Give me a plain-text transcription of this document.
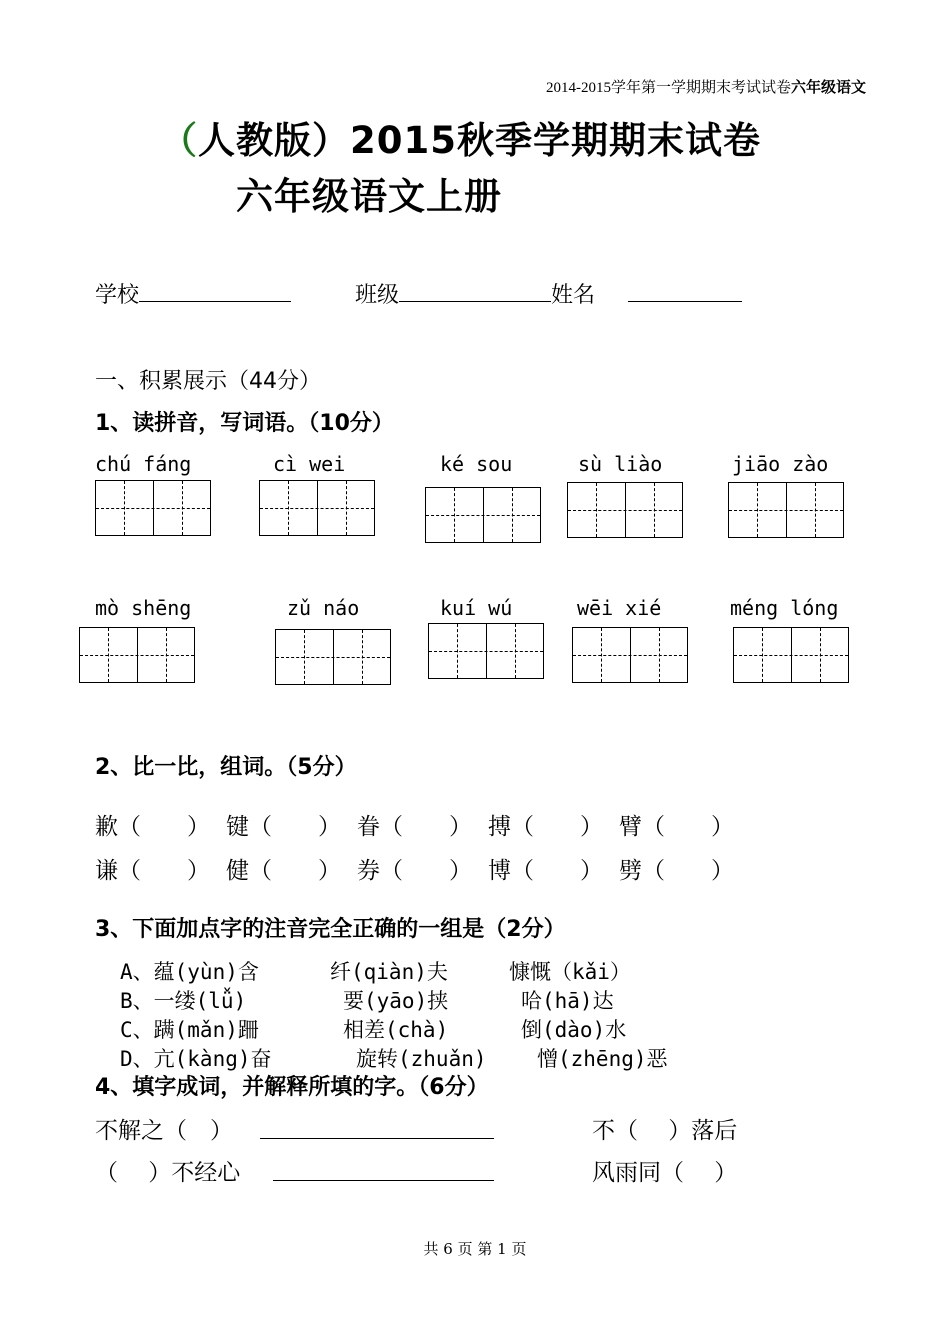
2014-2015学年第一学期期末考试试卷六年级语文
（人教版）2015秋季学期期末试卷
六年级语文上册
学校	班级	姓名
一、积累展示（44分）
1、读拼音，写词语。（10分）
chú fáng	cì wei	ké sou	sù liào	jiāo zào
mò shēng	zǔ náo	kuí wú	wēi xié	méng lóng
2、比一比，组词。（5分）
歉（　　） 键（　　） 眷（　　） 搏（　　） 臂（　　）
谦（　　） 健（　　） 券（　　） 博（　　） 劈（　　）
3、下面加点字的注音完全正确的一组是（2分）
A、蕴(yùn)含	纤(qiàn)夫	慷慨（kǎi）
B、一缕(lǚ)	要(yāo)挟	哈(hā)达
C、蹒(mǎn)跚	相差(chà)	倒(dào)水
D、亢(kàng)奋	旋转(zhuǎn) 憎(zhēng)恶
4、填字成词，并解释所填的字。（6分）
不解之（　）	不（　 ）落后
（　 ）不经心	风雨同（　 ）
共 6 页 第 1 页
